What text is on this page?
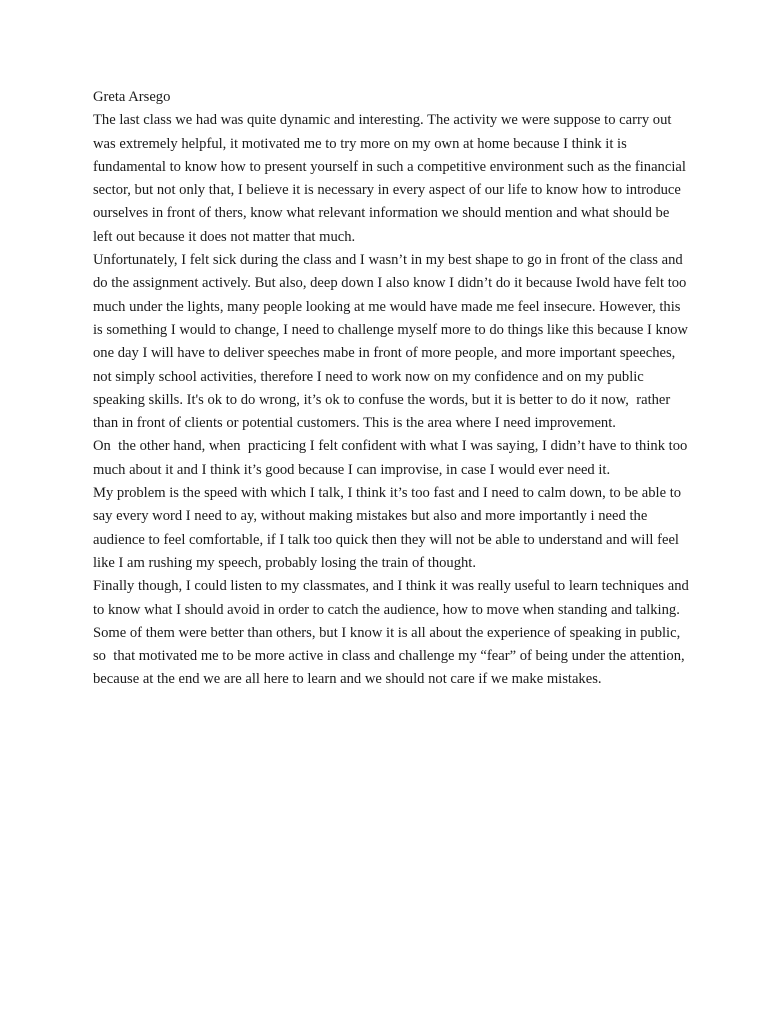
Greta Arsego
The last class we had was quite dynamic and interesting. The activity we were suppose to carry out
was extremely helpful, it motivated me to try more on my own at home because I think it is
fundamental to know how to present yourself in such a competitive environment such as the financial
sector, but not only that, I believe it is necessary in every aspect of our life to know how to introduce
ourselves in front of thers, know what relevant information we should mention and what should be
left out because it does not matter that much.
Unfortunately, I felt sick during the class and I wasn’t in my best shape to go in front of the class and
do the assignment actively. But also, deep down I also know I didn’t do it because Iwold have felt too
much under the lights, many people looking at me would have made me feel insecure. However, this
is something I would to change, I need to challenge myself more to do things like this because I know
one day I will have to deliver speeches mabe in front of more people, and more important speeches,
not simply school activities, therefore I need to work now on my confidence and on my public
speaking skills. It's ok to do wrong, it’s ok to confuse the words, but it is better to do it now,  rather
than in front of clients or potential customers. This is the area where I need improvement.
On  the other hand, when  practicing I felt confident with what I was saying, I didn’t have to think too
much about it and I think it’s good because I can improvise, in case I would ever need it.
My problem is the speed with which I talk, I think it’s too fast and I need to calm down, to be able to
say every word I need to ay, without making mistakes but also and more importantly i need the
audience to feel comfortable, if I talk too quick then they will not be able to understand and will feel
like I am rushing my speech, probably losing the train of thought.
Finally though, I could listen to my classmates, and I think it was really useful to learn techniques and
to know what I should avoid in order to catch the audience, how to move when standing and talking.
Some of them were better than others, but I know it is all about the experience of speaking in public,
so  that motivated me to be more active in class and challenge my “fear” of being under the attention,
because at the end we are all here to learn and we should not care if we make mistakes.
